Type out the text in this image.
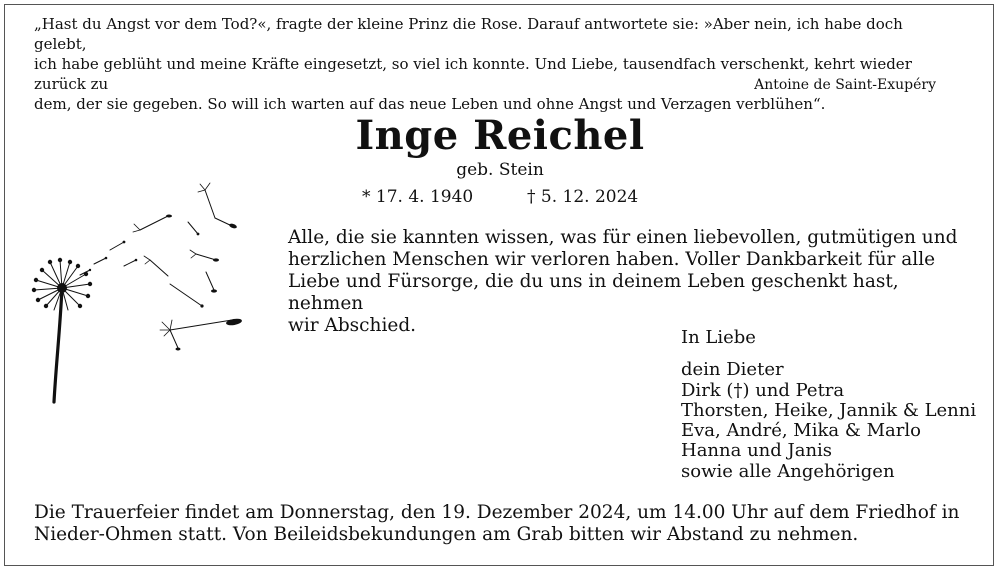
„Hast du Angst vor dem Tod?«, fragte der kleine Prinz die Rose. Darauf antwortete sie: »Aber nein, ich habe doch gelebt,

ich habe geblüht und meine Kräfte eingesetzt, so viel ich konnte. Und Liebe, tausendfach verschenkt, kehrt wieder zurück zu

dem, der sie gegeben. So will ich warten auf das neue Leben und ohne Angst und Verzagen verblühen“.

Antoine de Saint-Exupéry
Inge Reichel
geb. Stein
* 17. 4. 1940	† 5. 12. 2024

Alle, die sie kannten wissen, was für einen liebevollen, gutmütigen und

herzlichen Menschen wir verloren haben. Voller Dankbarkeit für alle

Liebe und Fürsorge, die du uns in deinem Leben geschenkt hast, nehmen

wir Abschied.

In Liebe
dein Dieter
Dirk (†) und Petra
Thorsten, Heike, Jannik & Lenni
Eva, André, Mika & Marlo
Hanna und Janis
sowie alle Angehörigen

Die Trauerfeier findet am Donnerstag, den 19. Dezember 2024, um 14.00 Uhr auf dem Friedhof in

Nieder-Ohmen statt. Von Beileidsbekundungen am Grab bitten wir Abstand zu nehmen.
